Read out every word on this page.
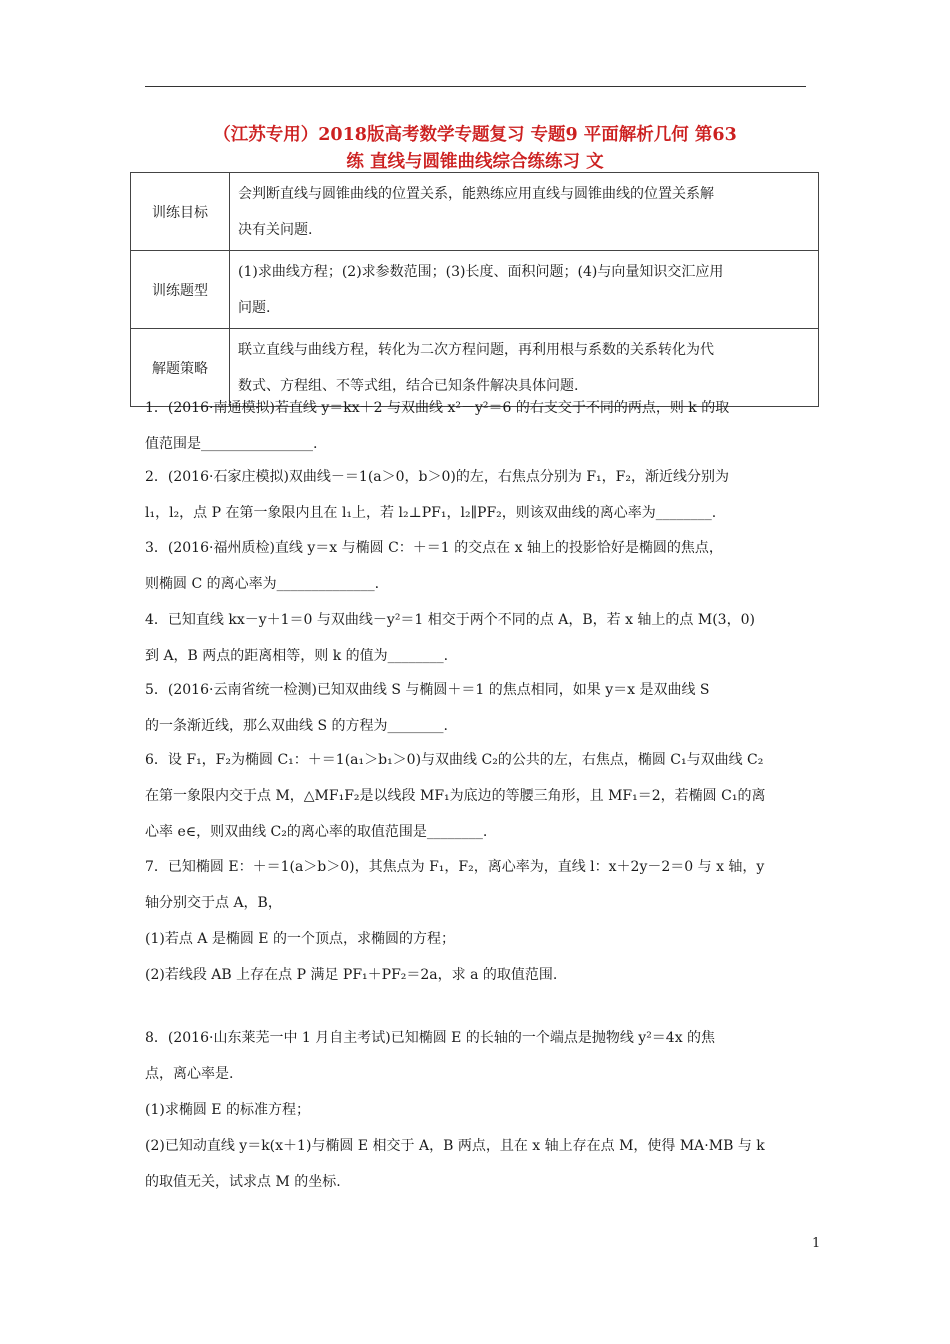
（江苏专用）2018版高考数学专题复习 专题9 平面解析几何 第63
练 直线与圆锥曲线综合练练习 文
训练目标	会判断直线与圆锥曲线的位置关系，能熟练应用直线与圆锥曲线的位置关系解
决有关问题.

训练题型	(1)求曲线方程；(2)求参数范围；(3)长度、面积问题；(4)与向量知识交汇应用
问题.

解题策略	联立直线与曲线方程，转化为二次方程问题，再利用根与系数的关系转化为代
数式、方程组、不等式组，结合已知条件解决具体问题.
1．(2016·南通模拟)若直线 y＝kx＋2 与双曲线 x²－y²＝6 的右支交于不同的两点，则 k 的取
值范围是________________.
2．(2016·石家庄模拟)双曲线－＝1(a＞0，b＞0)的左，右焦点分别为 F₁，F₂，渐近线分别为
l₁，l₂，点 P 在第一象限内且在 l₁上，若 l₂⊥PF₁，l₂∥PF₂，则该双曲线的离心率为________.
3．(2016·福州质检)直线 y＝x 与椭圆 C：＋＝1 的交点在 x 轴上的投影恰好是椭圆的焦点，
则椭圆 C 的离心率为______________.
4．已知直线 kx－y＋1＝0 与双曲线－y²＝1 相交于两个不同的点 A，B，若 x 轴上的点 M(3，0)
到 A，B 两点的距离相等，则 k 的值为________.
5．(2016·云南省统一检测)已知双曲线 S 与椭圆＋＝1 的焦点相同，如果 y＝x 是双曲线 S
的一条渐近线，那么双曲线 S 的方程为________.
6．设 F₁，F₂为椭圆 C₁：＋＝1(a₁＞b₁＞0)与双曲线 C₂的公共的左，右焦点，椭圆 C₁与双曲线 C₂
在第一象限内交于点 M，△MF₁F₂是以线段 MF₁为底边的等腰三角形，且 MF₁＝2，若椭圆 C₁的离
心率 e∈，则双曲线 C₂的离心率的取值范围是________.
7．已知椭圆 E：＋＝1(a＞b＞0)，其焦点为 F₁，F₂，离心率为，直线 l：x＋2y－2＝0 与 x 轴，y
轴分别交于点 A，B，
(1)若点 A 是椭圆 E 的一个顶点，求椭圆的方程；
(2)若线段 AB 上存在点 P 满足 PF₁＋PF₂＝2a，求 a 的取值范围.
8．(2016·山东莱芜一中 1 月自主考试)已知椭圆 E 的长轴的一个端点是抛物线 y²＝4x 的焦
点，离心率是.
(1)求椭圆 E 的标准方程；
(2)已知动直线 y＝k(x＋1)与椭圆 E 相交于 A，B 两点，且在 x 轴上存在点 M，使得 MA·MB 与 k
的取值无关，试求点 M 的坐标.
1
